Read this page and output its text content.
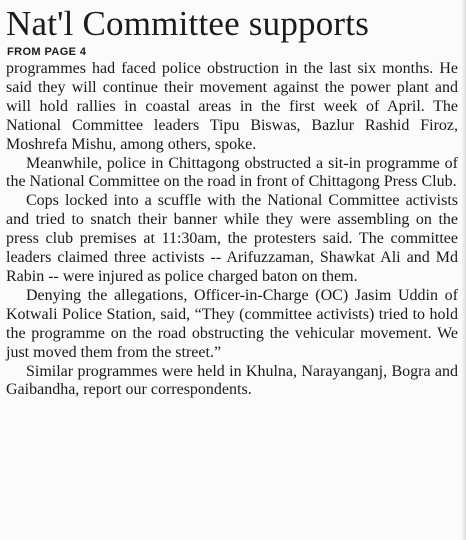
Nat'l Committee supports
FROM PAGE 4

programmes had faced police obstruction in the last six months. He said they will continue their movement against the power plant and will hold rallies in coastal areas in the first week of April. The National Committee leaders Tipu Biswas, Bazlur Rashid Firoz, Moshrefa Mishu, among others, spoke.

Meanwhile, police in Chittagong obstructed a sit-in programme of the National Committee on the road in front of Chittagong Press Club.

Cops locked into a scuffle with the National Committee activists and tried to snatch their banner while they were assembling on the press club premises at 11:30am, the protesters said. The committee leaders claimed three activists -- Arifuzzaman, Shawkat Ali and Md Rabin -- were injured as police charged baton on them.

Denying the allegations, Officer-in-Charge (OC) Jasim Uddin of Kotwali Police Station, said, “They (committee activists) tried to hold the programme on the road obstructing the vehicular movement. We just moved them from the street.”

Similar programmes were held in Khulna, Narayanganj, Bogra and Gaibandha, report our correspondents.
